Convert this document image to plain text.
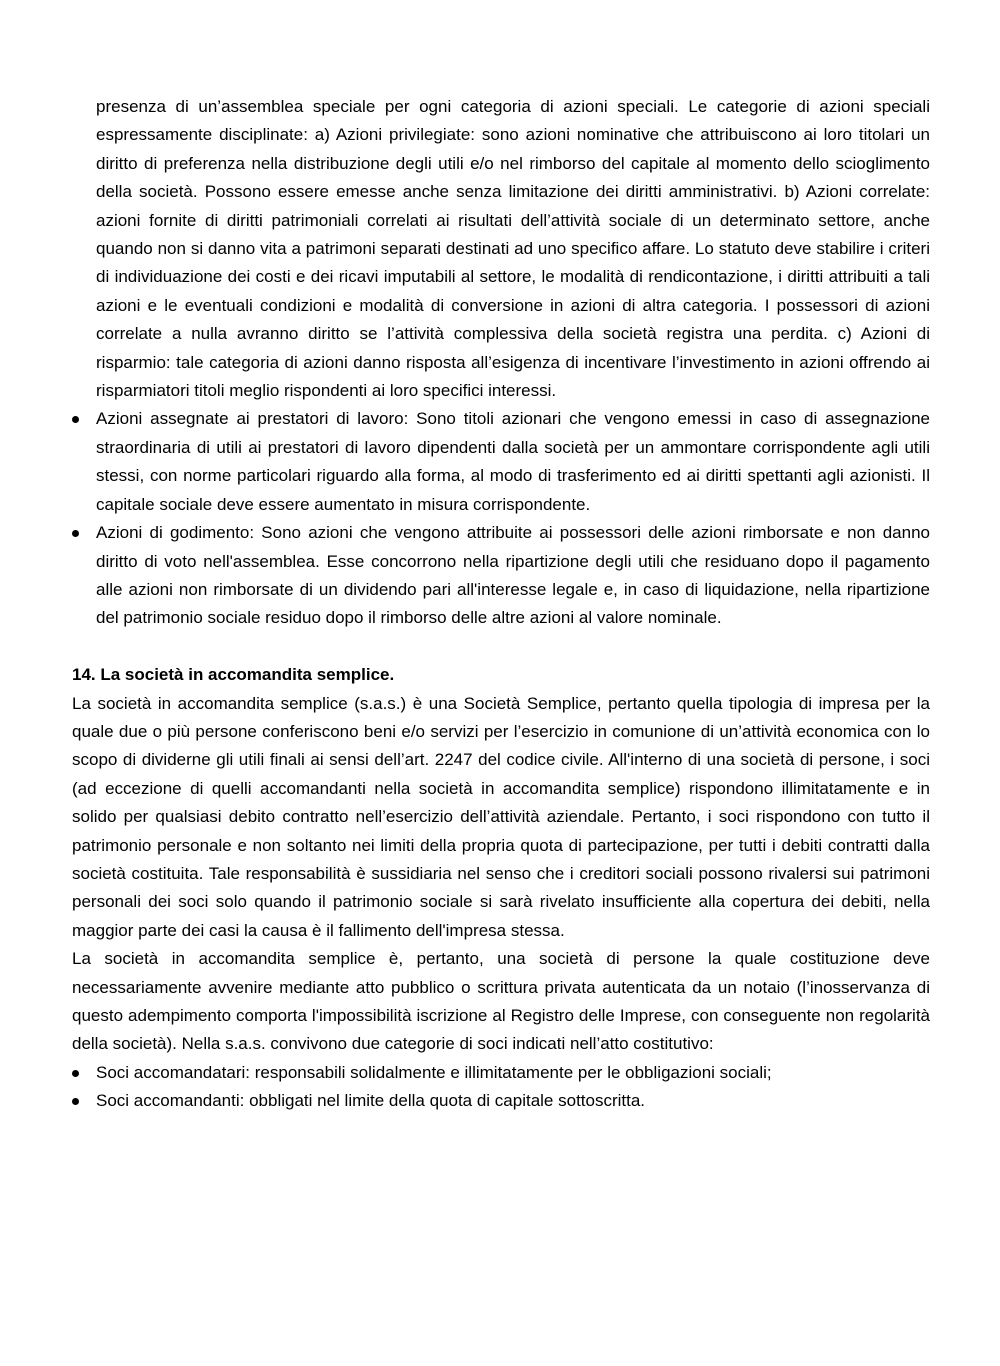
presenza di un’assemblea speciale per ogni categoria di azioni speciali. Le categorie di azioni speciali espressamente disciplinate: a) Azioni privilegiate: sono azioni nominative che attribuiscono ai loro titolari un diritto di preferenza nella distribuzione degli utili e/o nel rimborso del capitale al momento dello scioglimento della società. Possono essere emesse anche senza limitazione dei diritti amministrativi. b) Azioni correlate: azioni fornite di diritti patrimoniali correlati ai risultati dell’attività sociale di un determinato settore, anche quando non si danno vita a patrimoni separati destinati ad uno specifico affare. Lo statuto deve stabilire i criteri di individuazione dei costi e dei ricavi imputabili al settore, le modalità di rendicontazione, i diritti attribuiti a tali azioni e le eventuali condizioni e modalità di conversione in azioni di altra categoria. I possessori di azioni correlate a nulla avranno diritto se l’attività complessiva della società registra una perdita. c) Azioni di risparmio: tale categoria di azioni danno risposta all’esigenza di incentivare l’investimento in azioni offrendo ai risparmiatori titoli meglio rispondenti ai loro specifici interessi.

Azioni assegnate ai prestatori di lavoro: Sono titoli azionari che vengono emessi in caso di assegnazione straordinaria di utili ai prestatori di lavoro dipendenti dalla società per un ammontare corrispondente agli utili stessi, con norme particolari riguardo alla forma, al modo di trasferimento ed ai diritti spettanti agli azionisti. Il capitale sociale deve essere aumentato in misura corrispondente.

Azioni di godimento: Sono azioni che vengono attribuite ai possessori delle azioni rimborsate e non danno diritto di voto nell'assemblea. Esse concorrono nella ripartizione degli utili che residuano dopo il pagamento alle azioni non rimborsate di un dividendo pari all'interesse legale e, in caso di liquidazione, nella ripartizione del patrimonio sociale residuo dopo il rimborso delle altre azioni al valore nominale.

14. La società in accomandita semplice.

La società in accomandita semplice (s.a.s.) è una Società Semplice, pertanto quella tipologia di impresa per la quale due o più persone conferiscono beni e/o servizi per l’esercizio in comunione di un’attività economica con lo scopo di dividerne gli utili finali ai sensi dell’art. 2247 del codice civile. All'interno di una società di persone, i soci (ad eccezione di quelli accomandanti nella società in accomandita semplice) rispondono illimitatamente e in solido per qualsiasi debito contratto nell’esercizio dell’attività aziendale. Pertanto, i soci rispondono con tutto il patrimonio personale e non soltanto nei limiti della propria quota di partecipazione, per tutti i debiti contratti dalla società costituita. Tale responsabilità è sussidiaria nel senso che i creditori sociali possono rivalersi sui patrimoni personali dei soci solo quando il patrimonio sociale si sarà rivelato insufficiente alla copertura dei debiti, nella maggior parte dei casi la causa è il fallimento dell'impresa stessa.

La società in accomandita semplice è, pertanto, una società di persone la quale costituzione deve necessariamente avvenire mediante atto pubblico o scrittura privata autenticata da un notaio (l’inosservanza di questo adempimento comporta l'impossibilità iscrizione al Registro delle Imprese, con conseguente non regolarità della società). Nella s.a.s. convivono due categorie di soci indicati nell’atto costitutivo:

Soci accomandatari: responsabili solidalmente e illimitatamente per le obbligazioni sociali;

Soci accomandanti: obbligati nel limite della quota di capitale sottoscritta.
